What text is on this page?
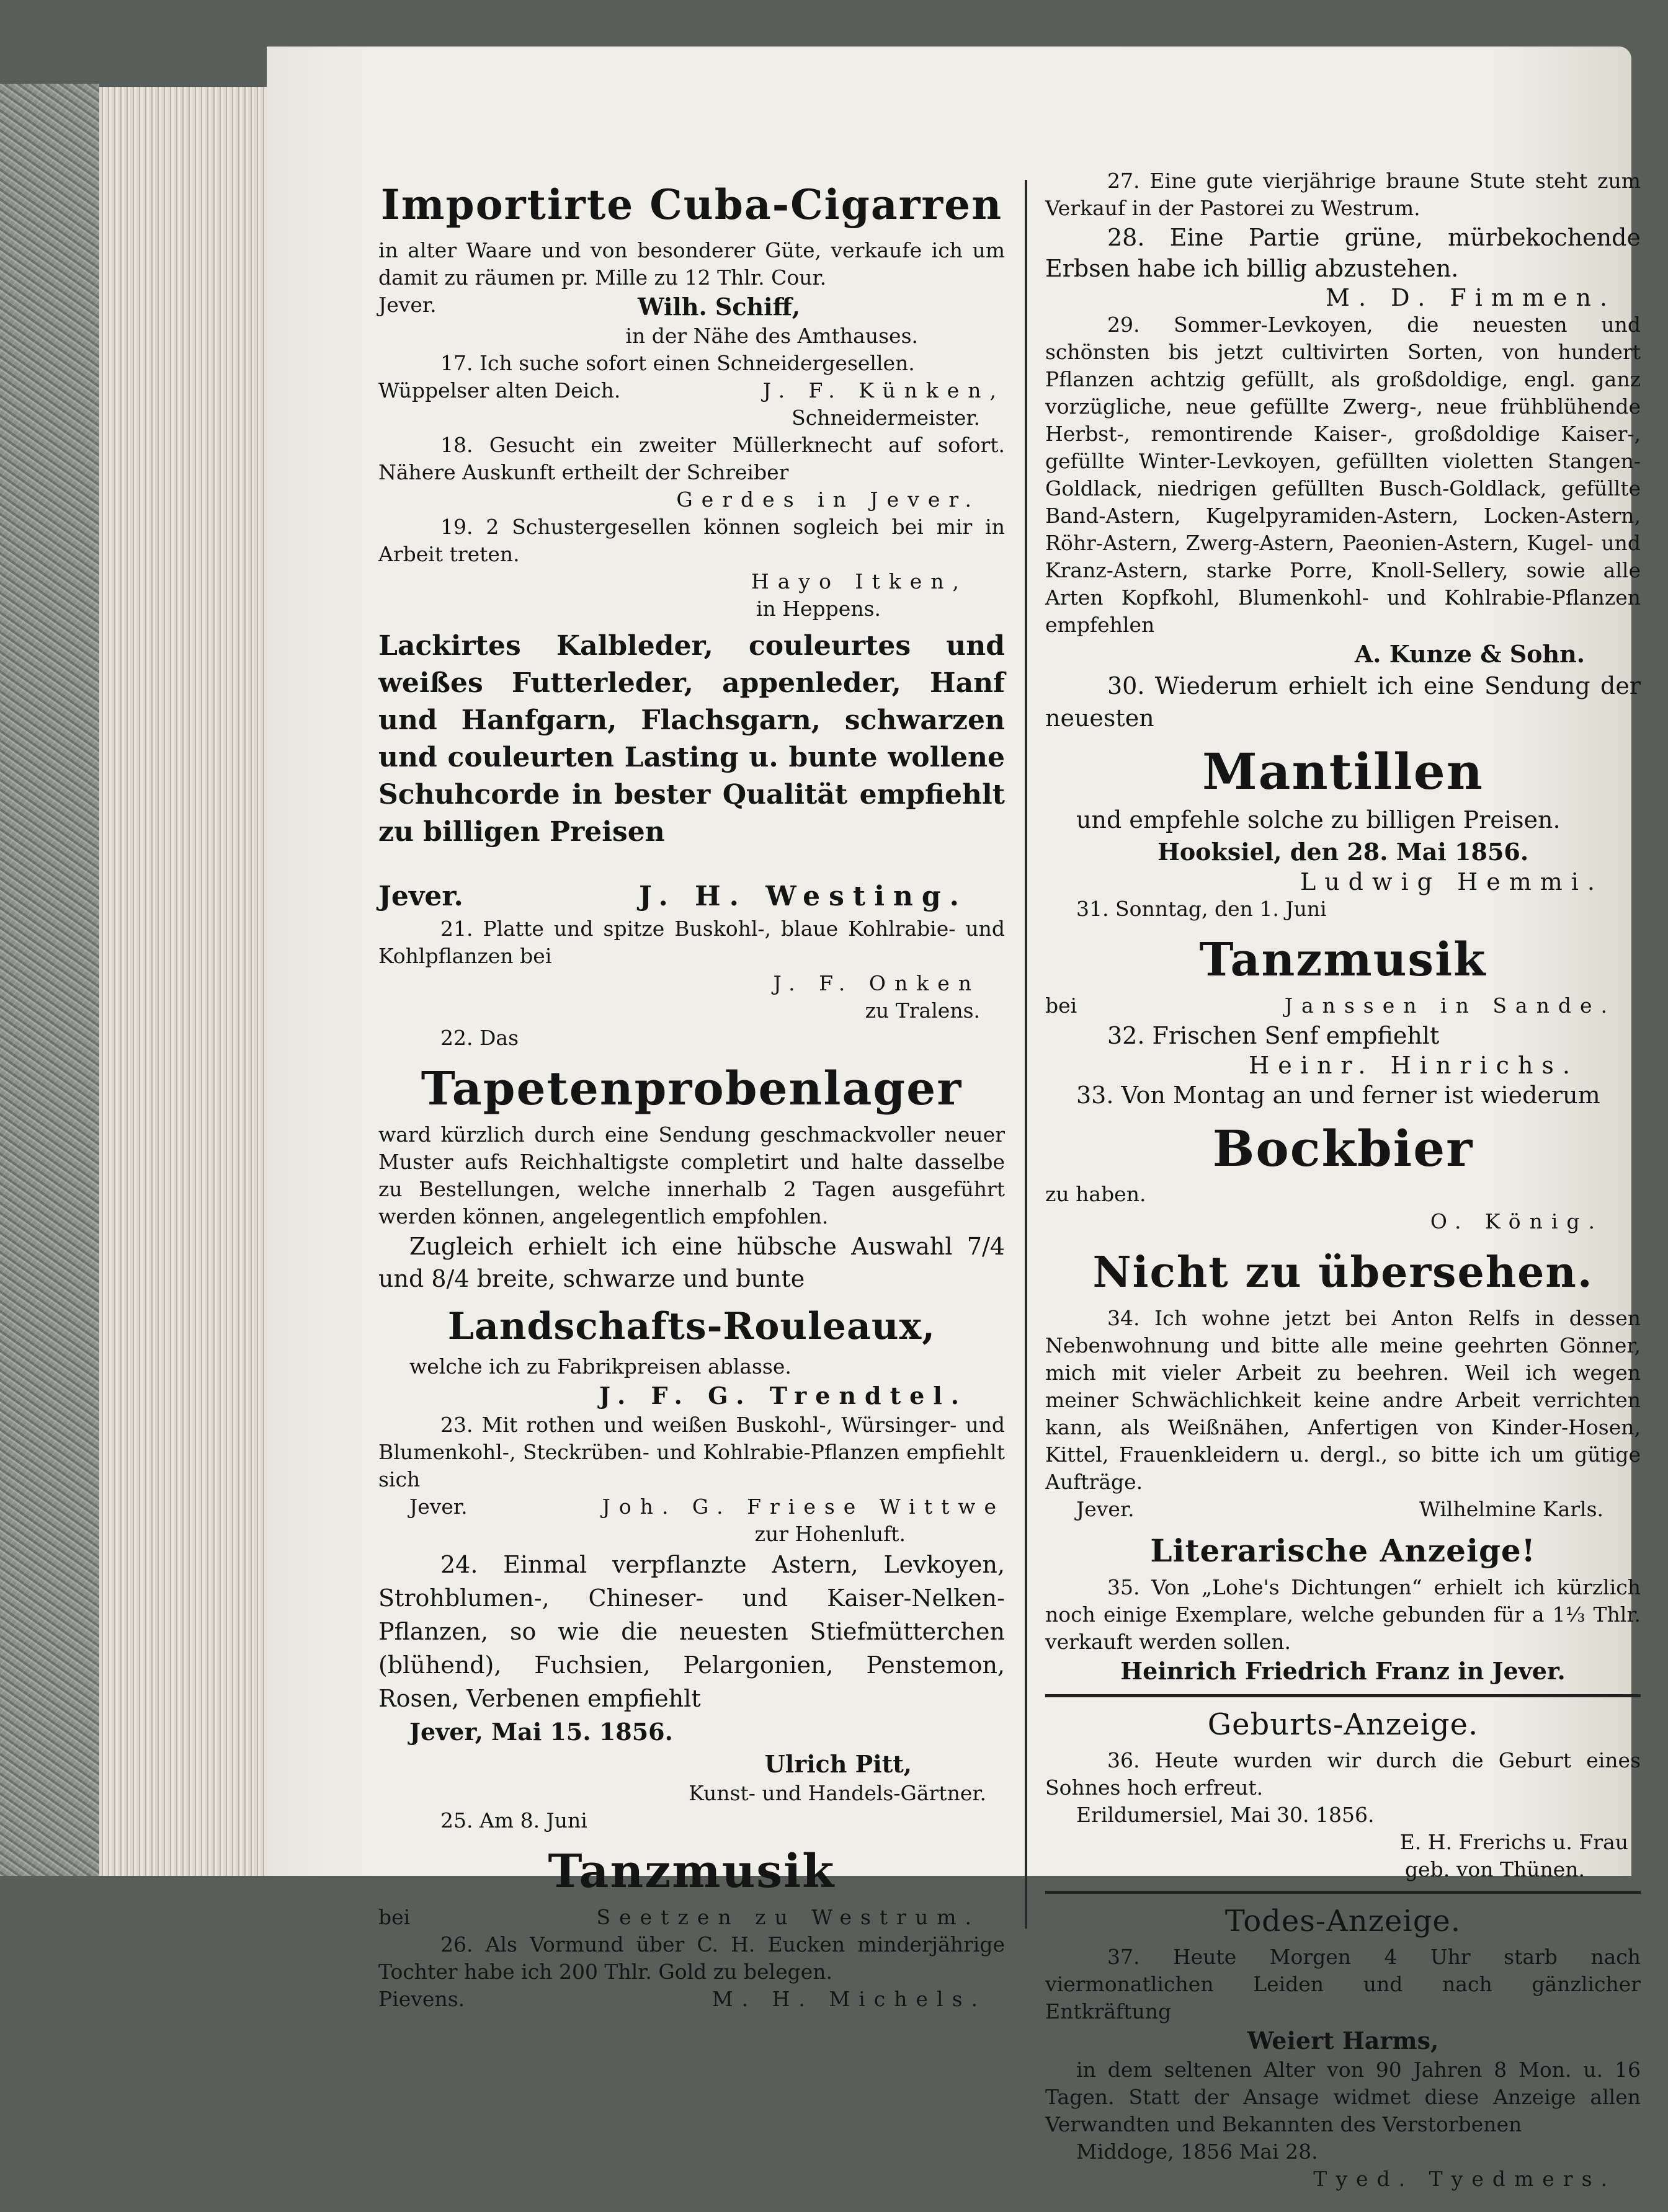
Importirte Cuba-Cigarren

in alter Waare und von besonderer Güte, verkaufe ich um damit zu räumen pr. Mille zu 12 Thlr. Cour.

Jever.	Wilh. Schiff,

in der Nähe des Amthauses.

17. Ich suche sofort einen Schneidergesellen.

Wüppelser alten Deich.	J. F. Künken,

Schneidermeister.

18. Gesucht ein zweiter Müllerknecht auf sofort. Nähere Auskunft ertheilt der Schreiber

Gerdes in Jever.

19. 2 Schustergesellen können sogleich bei mir in Arbeit treten.

Hayo Itken,

in Heppens.

Lackirtes Kalbleder, couleurtes und weißes Futterleder, appenleder, Hanf und Hanfgarn, Flachsgarn, schwarzen und couleurten Lasting u. bunte wollene Schuhcorde in bester Qualität empfiehlt zu billigen Preisen

Jever.	J. H. Westing.

21. Platte und spitze Buskohl-, blaue Kohlrabie- und Kohlpflanzen bei

J. F. Onken

zu Tralens.

22. Das

Tapetenprobenlager

ward kürzlich durch eine Sendung geschmackvoller neuer Muster aufs Reichhaltigste completirt und halte dasselbe zu Bestellungen, welche innerhalb 2 Tagen ausgeführt werden können, angelegentlich empfohlen.

Zugleich erhielt ich eine hübsche Auswahl 7/4 und 8/4 breite, schwarze und bunte

Landschafts-Rouleaux,

welche ich zu Fabrikpreisen ablasse.

J. F. G. Trendtel.

23. Mit rothen und weißen Buskohl-, Würsinger- und Blumenkohl-, Steckrüben- und Kohlrabie-Pflanzen empfiehlt sich

Jever.	Joh. G. Friese Wittwe

zur Hohenluft.

24. Einmal verpflanzte Astern, Levkoyen, Strohblumen-, Chineser- und Kaiser-Nelken-Pflanzen, so wie die neuesten Stiefmütterchen (blühend), Fuchsien, Pelargonien, Penstemon, Rosen, Verbenen empfiehlt

Jever, Mai 15. 1856.

Ulrich Pitt,

Kunst- und Handels-Gärtner.

25. Am 8. Juni

Tanzmusik

bei	Seetzen zu Westrum.

26. Als Vormund über C. H. Eucken minderjährige Tochter habe ich 200 Thlr. Gold zu belegen.

Pievens.	M. H. Michels.

27. Eine gute vierjährige braune Stute steht zum Verkauf in der Pastorei zu Westrum.

28. Eine Partie grüne, mürbekochende Erbsen habe ich billig abzustehen.

M. D. Fimmen.

29. Sommer-Levkoyen, die neuesten und schönsten bis jetzt cultivirten Sorten, von hundert Pflanzen achtzig gefüllt, als großdoldige, engl. ganz vorzügliche, neue gefüllte Zwerg-, neue frühblühende Herbst-, remontirende Kaiser-, großdoldige Kaiser-, gefüllte Winter-Levkoyen, gefüllten violetten Stangen-Goldlack, niedrigen gefüllten Busch-Goldlack, gefüllte Band-Astern, Kugelpyramiden-Astern, Locken-Astern, Röhr-Astern, Zwerg-Astern, Paeonien-Astern, Kugel- und Kranz-Astern, starke Porre, Knoll-Sellery, sowie alle Arten Kopfkohl, Blumenkohl- und Kohlrabie-Pflanzen empfehlen

A. Kunze & Sohn.

30. Wiederum erhielt ich eine Sendung der neuesten

Mantillen

und empfehle solche zu billigen Preisen.

Hooksiel, den 28. Mai 1856.

Ludwig Hemmi.

31. Sonntag, den 1. Juni

Tanzmusik

bei	Janssen in Sande.

32. Frischen Senf empfiehlt

Heinr. Hinrichs.

33. Von Montag an und ferner ist wiederum

Bockbier

zu haben.

O. König.

Nicht zu übersehen.

34. Ich wohne jetzt bei Anton Relfs in dessen Nebenwohnung und bitte alle meine geehrten Gönner, mich mit vieler Arbeit zu beehren. Weil ich wegen meiner Schwächlichkeit keine andre Arbeit verrichten kann, als Weißnähen, Anfertigen von Kinder-Hosen, Kittel, Frauenkleidern u. dergl., so bitte ich um gütige Aufträge.

Jever.	Wilhelmine Karls.

Literarische Anzeige!

35. Von „Lohe's Dichtungen“ erhielt ich kürzlich noch einige Exemplare, welche gebunden für a 1⅓ Thlr. verkauft werden sollen.

Heinrich Friedrich Franz in Jever.

Geburts-Anzeige.

36. Heute wurden wir durch die Geburt eines Sohnes hoch erfreut.

Erildumersiel, Mai 30. 1856.

E. H. Frerichs u. Frau

geb. von Thünen.

Todes-Anzeige.

37. Heute Morgen 4 Uhr starb nach viermonatlichen Leiden und nach gänzlicher Entkräftung

Weiert Harms,

in dem seltenen Alter von 90 Jahren 8 Mon. u. 16 Tagen. Statt der Ansage widmet diese Anzeige allen Verwandten und Bekannten des Verstorbenen

Middoge, 1856 Mai 28.

Tyed. Tyedmers.
